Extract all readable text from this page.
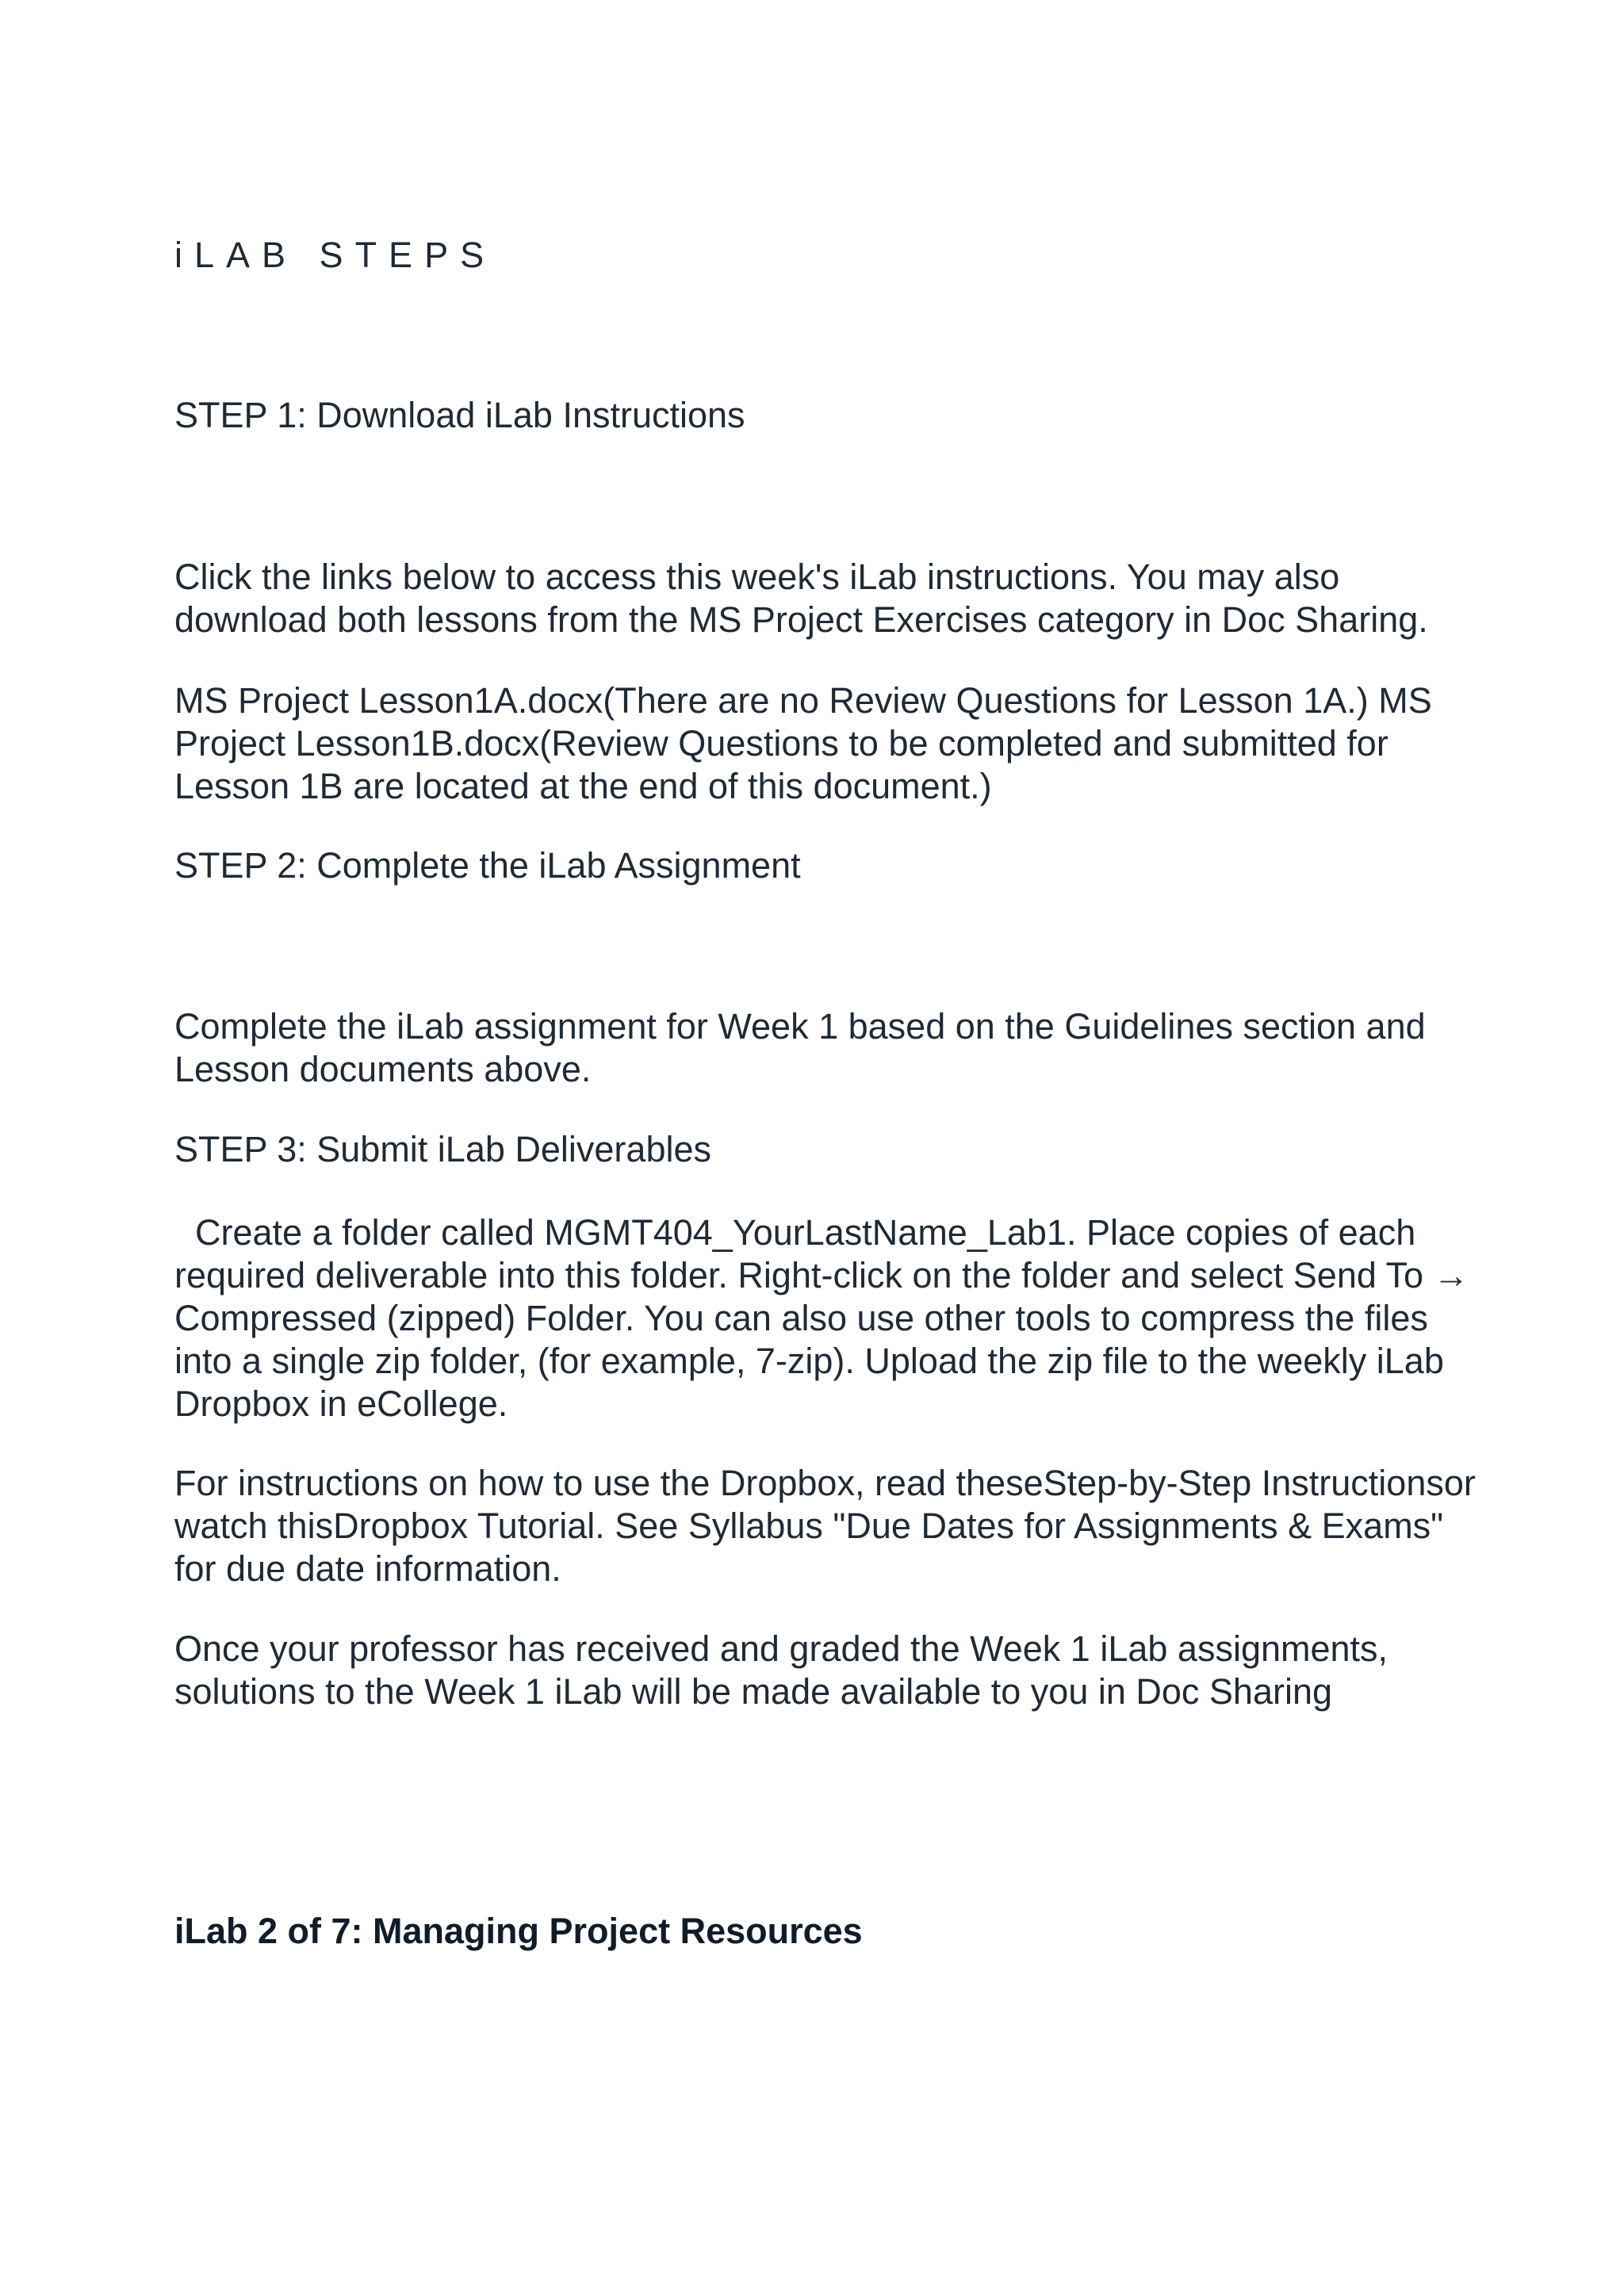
iLAB STEPS
STEP 1: Download iLab Instructions

Click the links below to access this week's iLab instructions. You may also download both lessons from the MS Project Exercises category in Doc Sharing.

MS Project Lesson1A.docx(There are no Review Questions for Lesson 1A.) MS Project Lesson1B.docx(Review Questions to be completed and submitted for Lesson 1B are located at the end of this document.)

STEP 2: Complete the iLab Assignment

Complete the iLab assignment for Week 1 based on the Guidelines section and Lesson documents above.

STEP 3: Submit iLab Deliverables

Create a folder called MGMT404_YourLastName_Lab1. Place copies of each required deliverable into this folder. Right-click on the folder and select Send To → Compressed (zipped) Folder. You can also use other tools to compress the files into a single zip folder, (for example, 7-zip). Upload the zip file to the weekly iLab Dropbox in eCollege.

For instructions on how to use the Dropbox, read theseStep-by-Step Instructionsor watch thisDropbox Tutorial. See Syllabus "Due Dates for Assignments & Exams" for due date information.

Once your professor has received and graded the Week 1 iLab assignments, solutions to the Week 1 iLab will be made available to you in Doc Sharing

iLab 2 of 7: Managing Project Resources
